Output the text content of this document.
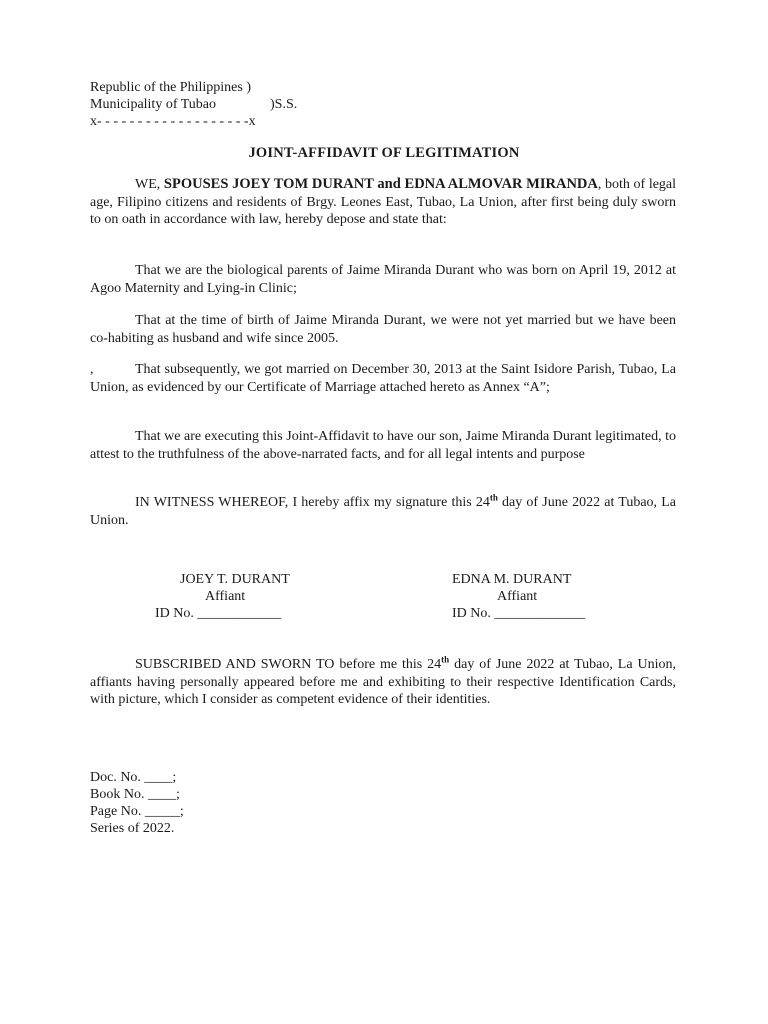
Republic of the Philippines )
Municipality of Tubao	)S.S.
x- - - - - - - - - - - - - - - - - - -x
JOINT-AFFIDAVIT OF LEGITIMATION
WE, SPOUSES JOEY TOM DURANT and EDNA ALMOVAR MIRANDA, both of legal age, Filipino citizens and residents of Brgy. Leones East, Tubao, La Union, after first being duly sworn to on oath in accordance with law, hereby depose and state that:
That we are the biological parents of Jaime Miranda Durant who was born on April 19, 2012 at Agoo Maternity and Lying-in Clinic;
That at the time of birth of Jaime Miranda Durant, we were not yet married but we have been co-habiting as husband and wife since 2005.
,	That subsequently, we got married on December 30, 2013 at the Saint Isidore Parish, Tubao, La Union, as evidenced by our Certificate of Marriage attached hereto as Annex “A”;
That we are executing this Joint-Affidavit to have our son, Jaime Miranda Durant legitimated, to attest to the truthfulness of the above-narrated facts, and for all legal intents and purpose
IN WITNESS WHEREOF, I hereby affix my signature this 24th day of June 2022 at Tubao, La Union.
JOEY T. DURANT
Affiant
ID No. ____________
EDNA M. DURANT
Affiant
ID No. _____________
SUBSCRIBED AND SWORN TO before me this 24th day of June 2022 at Tubao, La Union, affiants having personally appeared before me and exhibiting to their respective Identification Cards, with picture, which I consider as competent evidence of their identities.
Doc. No. ____;
Book No. ____;
Page No. _____;
Series of 2022.
